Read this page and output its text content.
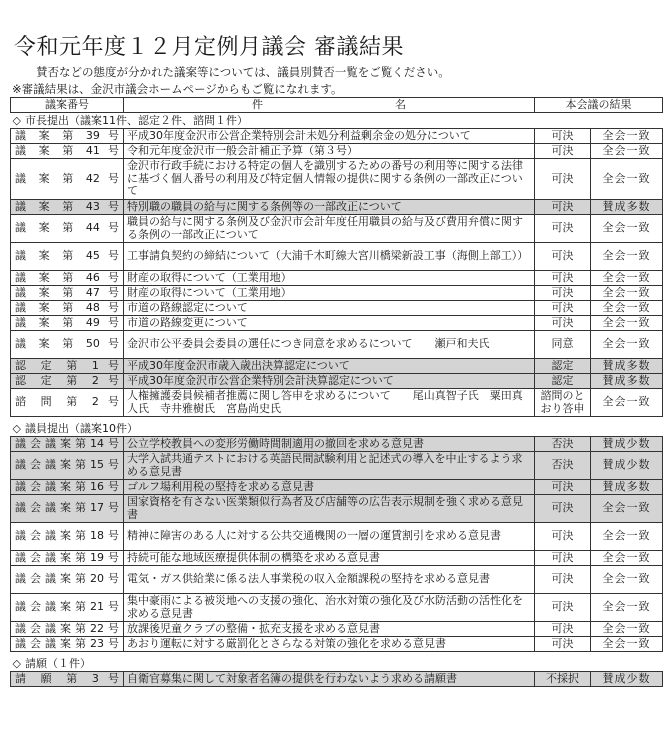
令和元年度１２月定例月議会 審議結果
賛否などの態度が分かれた議案等については、議員別賛否一覧をご覧ください。
※審議結果は、金沢市議会ホームページからもご覧になれます。
議案番号	件　　　　　　　　　　　　名	本会議の結果	
◇ 市長提出（議案11件、認定２件、諮問１件）			
議 案 第 39 号	平成30年度金沢市公営企業特別会計未処分利益剰余金の処分について	可決	全会一致
議 案 第 41 号	令和元年度金沢市一般会計補正予算（第３号）	可決	全会一致
議 案 第 42 号	金沢市行政手続における特定の個人を識別するための番号の利用等に関する法律に基づく個人番号の利用及び特定個人情報の提供に関する条例の一部改正について	可決	全会一致
議 案 第 43 号	特別職の職員の給与に関する条例等の一部改正について	可決	賛成多数
議 案 第 44 号	職員の給与に関する条例及び金沢市会計年度任用職員の給与及び費用弁償に関する条例の一部改正について	可決	全会一致
議 案 第 45 号	工事請負契約の締結について（大浦千木町線大宮川橋梁新設工事（海側上部工））	可決	全会一致
議 案 第 46 号	財産の取得について（工業用地）	可決	全会一致
議 案 第 47 号	財産の取得について（工業用地）	可決	全会一致
議 案 第 48 号	市道の路線認定について	可決	全会一致
議 案 第 49 号	市道の路線変更について	可決	全会一致
議 案 第 50 号	金沢市公平委員会委員の選任につき同意を求めるについて　　瀬戸和夫氏	同意	全会一致
認 定 第 1 号	平成30年度金沢市歳入歳出決算認定について	認定	賛成多数
認 定 第 2 号	平成30年度金沢市公営企業特別会計決算認定について	認定	賛成多数
諮 問 第 2 号	人権擁護委員候補者推薦に関し答申を求めるについて　　尾山真智子氏　粟田真人氏　寺井雅樹氏　宮島尚史氏	諮問のとおり答申	全会一致

◇ 議員提出（議案10件）			
議会議案第14号	公立学校教員への変形労働時間制適用の撤回を求める意見書	否決	賛成少数
議会議案第15号	大学入試共通テストにおける英語民間試験利用と記述式の導入を中止するよう求める意見書	否決	賛成少数
議会議案第16号	ゴルフ場利用税の堅持を求める意見書	可決	賛成多数
議会議案第17号	国家資格を有さない医業類似行為者及び店舗等の広告表示規制を強く求める意見書	可決	全会一致
議会議案第18号	精神に障害のある人に対する公共交通機関の一層の運賃割引を求める意見書	可決	全会一致
議会議案第19号	持続可能な地域医療提供体制の構築を求める意見書	可決	全会一致
議会議案第20号	電気・ガス供給業に係る法人事業税の収入金額課税の堅持を求める意見書	可決	全会一致
議会議案第21号	集中豪雨による被災地への支援の強化、治水対策の強化及び水防活動の活性化を求める意見書	可決	全会一致
議会議案第22号	放課後児童クラブの整備・拡充支援を求める意見書	可決	全会一致
議会議案第23号	あおり運転に対する厳罰化とさらなる対策の強化を求める意見書	可決	全会一致

◇ 請願（１件）			
請 願 第 3 号	自衛官募集に関して対象者名簿の提供を行わないよう求める請願書	不採択	賛成少数
